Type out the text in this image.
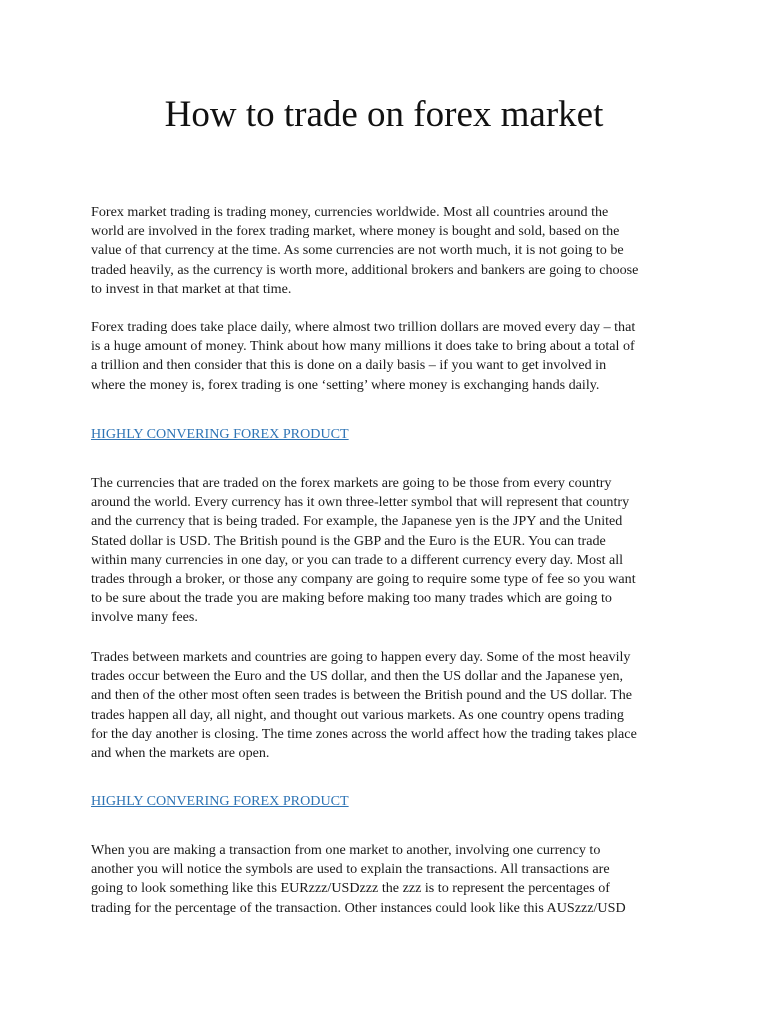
How to trade on forex market

Forex market trading is trading money, currencies worldwide. Most all countries around the
world are involved in the forex trading market, where money is bought and sold, based on the
value of that currency at the time. As some currencies are not worth much, it is not going to be
traded heavily, as the currency is worth more, additional brokers and bankers are going to choose
to invest in that market at that time.

Forex trading does take place daily, where almost two trillion dollars are moved every day – that
is a huge amount of money. Think about how many millions it does take to bring about a total of
a trillion and then consider that this is done on a daily basis – if you want to get involved in
where the money is, forex trading is one ‘setting’ where money is exchanging hands daily.

HIGHLY CONVERING FOREX PRODUCT

The currencies that are traded on the forex markets are going to be those from every country
around the world. Every currency has it own three-letter symbol that will represent that country
and the currency that is being traded. For example, the Japanese yen is the JPY and the United
Stated dollar is USD. The British pound is the GBP and the Euro is the EUR. You can trade
within many currencies in one day, or you can trade to a different currency every day. Most all
trades through a broker, or those any company are going to require some type of fee so you want
to be sure about the trade you are making before making too many trades which are going to
involve many fees.

Trades between markets and countries are going to happen every day. Some of the most heavily
trades occur between the Euro and the US dollar, and then the US dollar and the Japanese yen,
and then of the other most often seen trades is between the British pound and the US dollar. The
trades happen all day, all night, and thought out various markets. As one country opens trading
for the day another is closing. The time zones across the world affect how the trading takes place
and when the markets are open.

HIGHLY CONVERING FOREX PRODUCT

When you are making a transaction from one market to another, involving one currency to
another you will notice the symbols are used to explain the transactions. All transactions are
going to look something like this EURzzz/USDzzz the zzz is to represent the percentages of
trading for the percentage of the transaction. Other instances could look like this AUSzzz/USD
